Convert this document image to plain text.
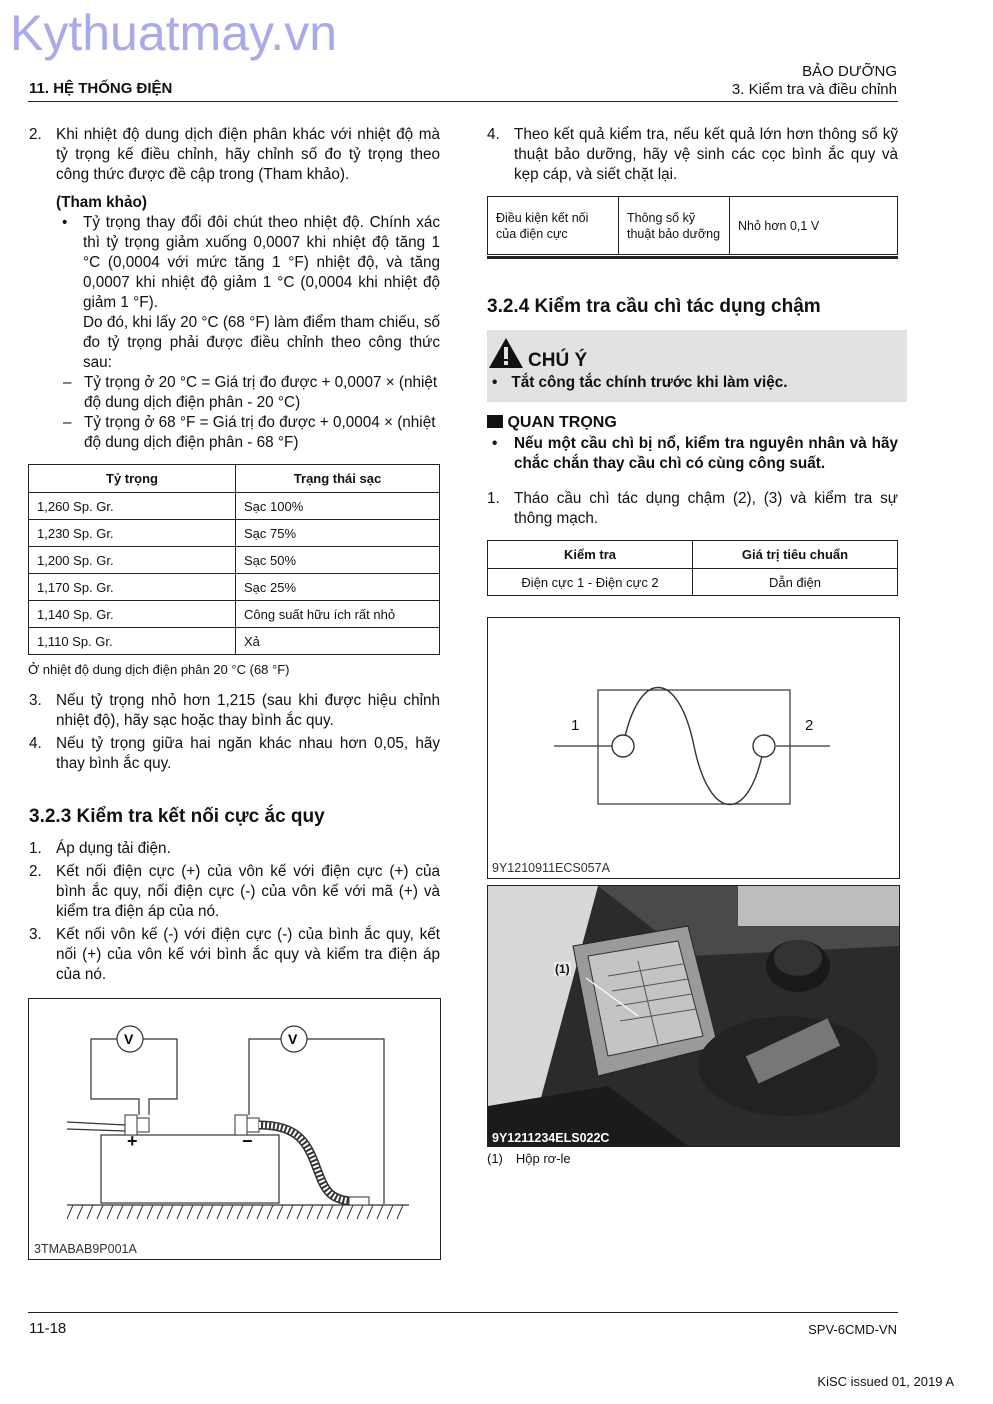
Kythuatmay.vn
11. HỆ THỐNG ĐIỆN
BẢO DƯỠNG
3. Kiểm tra và điều chỉnh
2. Khi nhiệt độ dung dịch điện phân khác với nhiệt độ mà tỷ trọng kế điều chỉnh, hãy chỉnh số đo tỷ trọng theo công thức được đề cập trong (Tham khảo).
(Tham khảo)
•	Tỷ trọng thay đổi đôi chút theo nhiệt độ. Chính xác thì tỷ trọng giảm xuống 0,0007 khi nhiệt độ tăng 1 °C (0,0004 với mức tăng 1 °F) nhiệt độ, và tăng 0,0007 khi nhiệt độ giảm 1 °C (0,0004 khi nhiệt độ giảm 1 °F).
Do đó, khi lấy 20 °C (68 °F) làm điểm tham chiếu, số đo tỷ trọng phải được điều chỉnh theo công thức sau:
– Tỷ trọng ở 20 °C = Giá trị đo được + 0,0007 × (nhiệt độ dung dịch điện phân - 20 °C)
– Tỷ trọng ở 68 °F = Giá trị đo được + 0,0004 × (nhiệt độ dung dịch điện phân - 68 °F)
Tỷ trọng	Trạng thái sạc
1,260 Sp. Gr.	Sạc 100%
1,230 Sp. Gr.	Sạc 75%
1,200 Sp. Gr.	Sạc 50%
1,170 Sp. Gr.	Sạc 25%
1,140 Sp. Gr.	Công suất hữu ích rất nhỏ
1,110 Sp. Gr.	Xả
Ở nhiệt độ dung dịch điện phân 20 °C (68 °F)
3. Nếu tỷ trọng nhỏ hơn 1,215 (sau khi được hiệu chỉnh nhiệt độ), hãy sạc hoặc thay bình ắc quy.
4. Nếu tỷ trọng giữa hai ngăn khác nhau hơn 0,05, hãy thay bình ắc quy.
3.2.3 Kiểm tra kết nối cực ắc quy
1. Áp dụng tải điện.
2. Kết nối điện cực (+) của vôn kế với điện cực (+) của bình ắc quy, nối điện cực (-) của vôn kế với mã (+) và kiểm tra điện áp của nó.
3. Kết nối vôn kế (-) với điện cực (-) của bình ắc quy, kết nối (+) của vôn kế với bình ắc quy và kiểm tra điện áp của nó.
V	V
+	−
3TMABAB9P001A
4. Theo kết quả kiểm tra, nếu kết quả lớn hơn thông số kỹ thuật bảo dưỡng, hãy vệ sinh các cọc bình ắc quy và kẹp cáp, và siết chặt lại.
Điều kiện kết nối của điện cực	Thông số kỹ thuật bảo dưỡng	Nhỏ hơn 0,1 V
3.2.4 Kiểm tra cầu chì tác dụng chậm
CHÚ Ý
• Tắt công tắc chính trước khi làm việc.
QUAN TRỌNG
• Nếu một cầu chì bị nổ, kiểm tra nguyên nhân và hãy chắc chắn thay cầu chì có cùng công suất.
1. Tháo cầu chì tác dụng chậm (2), (3) và kiểm tra sự thông mạch.
Kiểm tra	Giá trị tiêu chuẩn
Điện cực 1 - Điện cực 2	Dẫn điện
1	2
9Y1210911ECS057A
(1)
9Y1211234ELS022C
(1) Hộp rơ-le
11-18	SPV-6CMD-VN
KiSC issued 01, 2019 A
